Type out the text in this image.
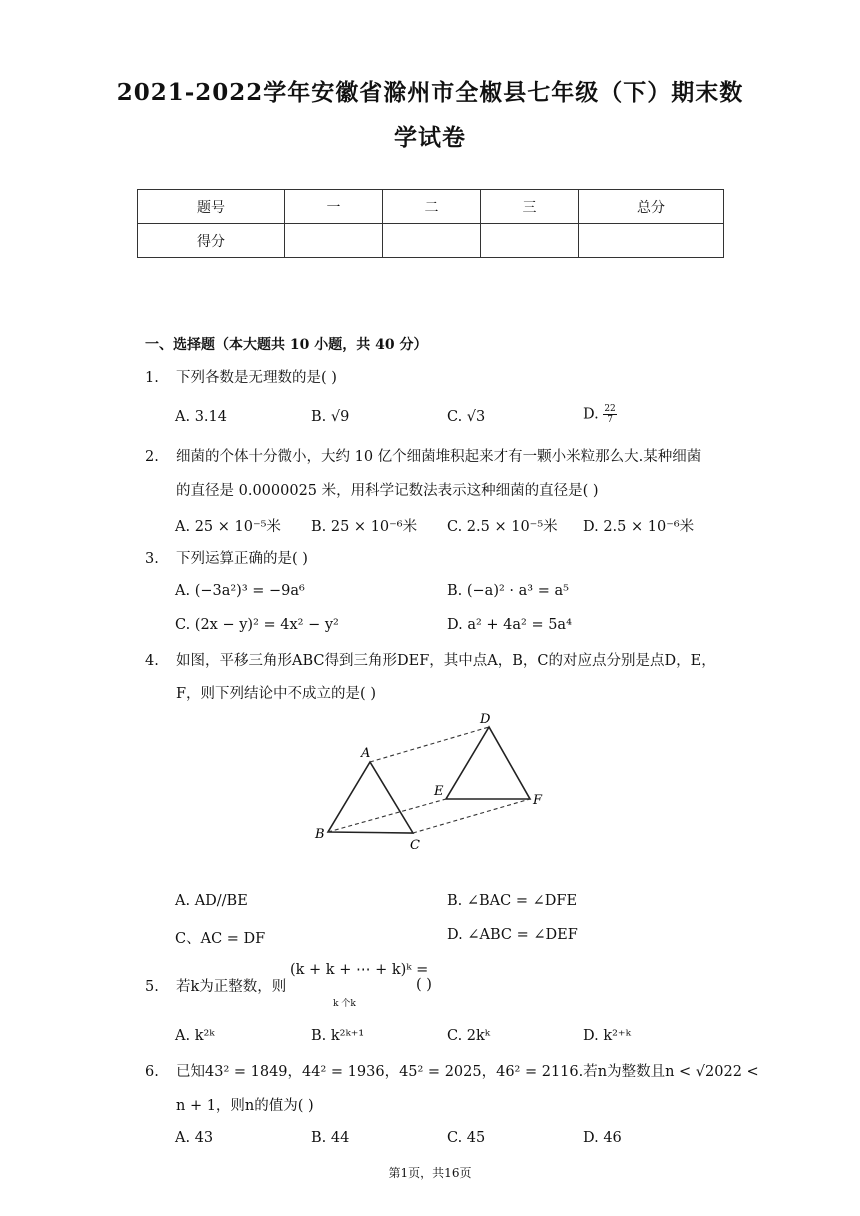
2021-2022学年安徽省滁州市全椒县七年级（下）期末数
学试卷
题号	一	二	三	总分
得分				
一、选择题（本大题共 10 小题，共 40 分）
1. 下列各数是无理数的是( )
A. 3.14	B. √9	C. √3	D. $\frac{22}{7}$
2. 细菌的个体十分微小，大约 10 亿个细菌堆积起来才有一颗小米粒那么大.某种细菌
的直径是 0.0000025 米，用科学记数法表示这种细菌的直径是( )
A. 25 × 10⁻⁵米 B. 25 × 10⁻⁶米 C. 2.5 × 10⁻⁵米 D. 2.5 × 10⁻⁶米
3. 下列运算正确的是( )
A. (−3a²)³ = −9a⁶	B. (−a)² · a³ = a⁵
C. (2x − y)² = 4x² − y²	D. a² + 4a² = 5a⁴
4. 如图，平移三角形ABC得到三角形DEF，其中点A，B，C的对应点分别是点D，E，
F，则下列结论中不成立的是( )
A
B
C
D
E
F
A. AD//BE	B. ∠BAC = ∠DFE
C、AC = DF	D. ∠ABC = ∠DEF
5. 若k为正整数，则
(k + k + ⋯ + k)ᵏ =
k 个k
( )
A. k²ᵏ	B. k²ᵏ⁺¹	C. 2kᵏ	D. k²⁺ᵏ
6. 已知43² = 1849，44² = 1936，45² = 2025，46² = 2116.若n为整数且n < √2022 <
n + 1，则n的值为( )
A. 43	B. 44	C. 45	D. 46
第1页，共16页
